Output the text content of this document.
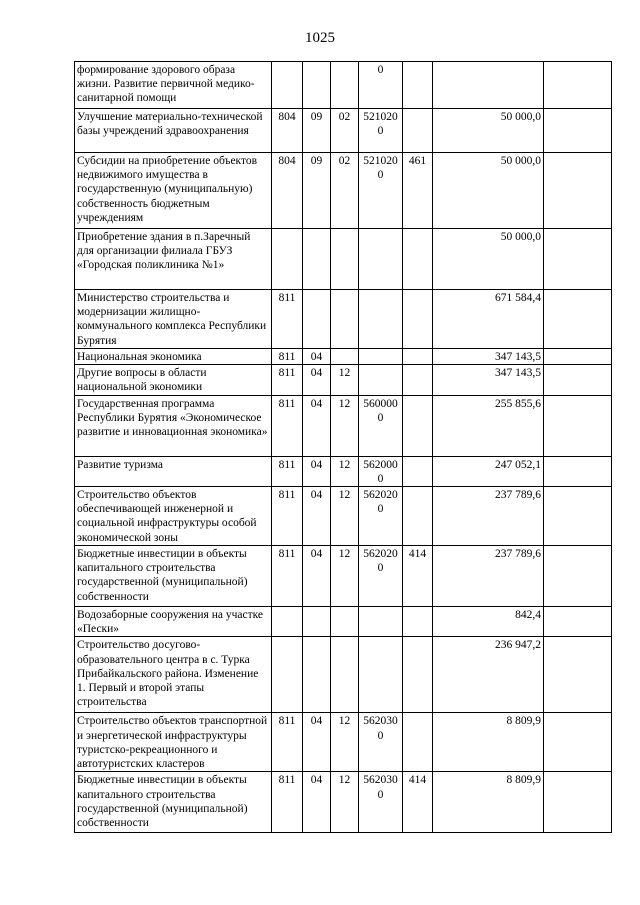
1025
формирование здорового образа жизни. Развитие первичной медико-санитарной помощи				0			
Улучшение материально-технической базы учреждений здравоохранения	804	09	02	5210200		50 000,0	
Субсидии на приобретение объектов недвижимого имущества в государственную (муниципальную) собственность бюджетным учреждениям	804	09	02	5210200	461	50 000,0	
Приобретение здания в п.Заречный для организации филиала ГБУЗ «Городская поликлиника №1»						50 000,0	
Министерство строительства и модернизации жилищно-коммунального комплекса Республики Бурятия	811					671 584,4	
Национальная экономика	811	04				347 143,5	
Другие вопросы в области национальной экономики	811	04	12			347 143,5	
Государственная программа Республики Бурятия «Экономическое развитие и инновационная экономика»	811	04	12	5600000		255 855,6	
Развитие туризма	811	04	12	5620000		247 052,1	
Строительство объектов обеспечивающей инженерной и социальной инфраструктуры особой экономической зоны	811	04	12	5620200		237 789,6	
Бюджетные инвестиции в объекты капитального строительства государственной (муниципальной) собственности	811	04	12	5620200	414	237 789,6	
Водозаборные сооружения на участке «Пески»						842,4	
Строительство досугово-образовательного центра в с. Турка Прибайкальского района. Изменение 1. Первый и второй этапы строительства						236 947,2	
Строительство объектов транспортной и энергетической инфраструктуры туристско-рекреационного и автотуристских кластеров	811	04	12	5620300		8 809,9	
Бюджетные инвестиции в объекты капитального строительства государственной (муниципальной) собственности	811	04	12	5620300	414	8 809,9	
